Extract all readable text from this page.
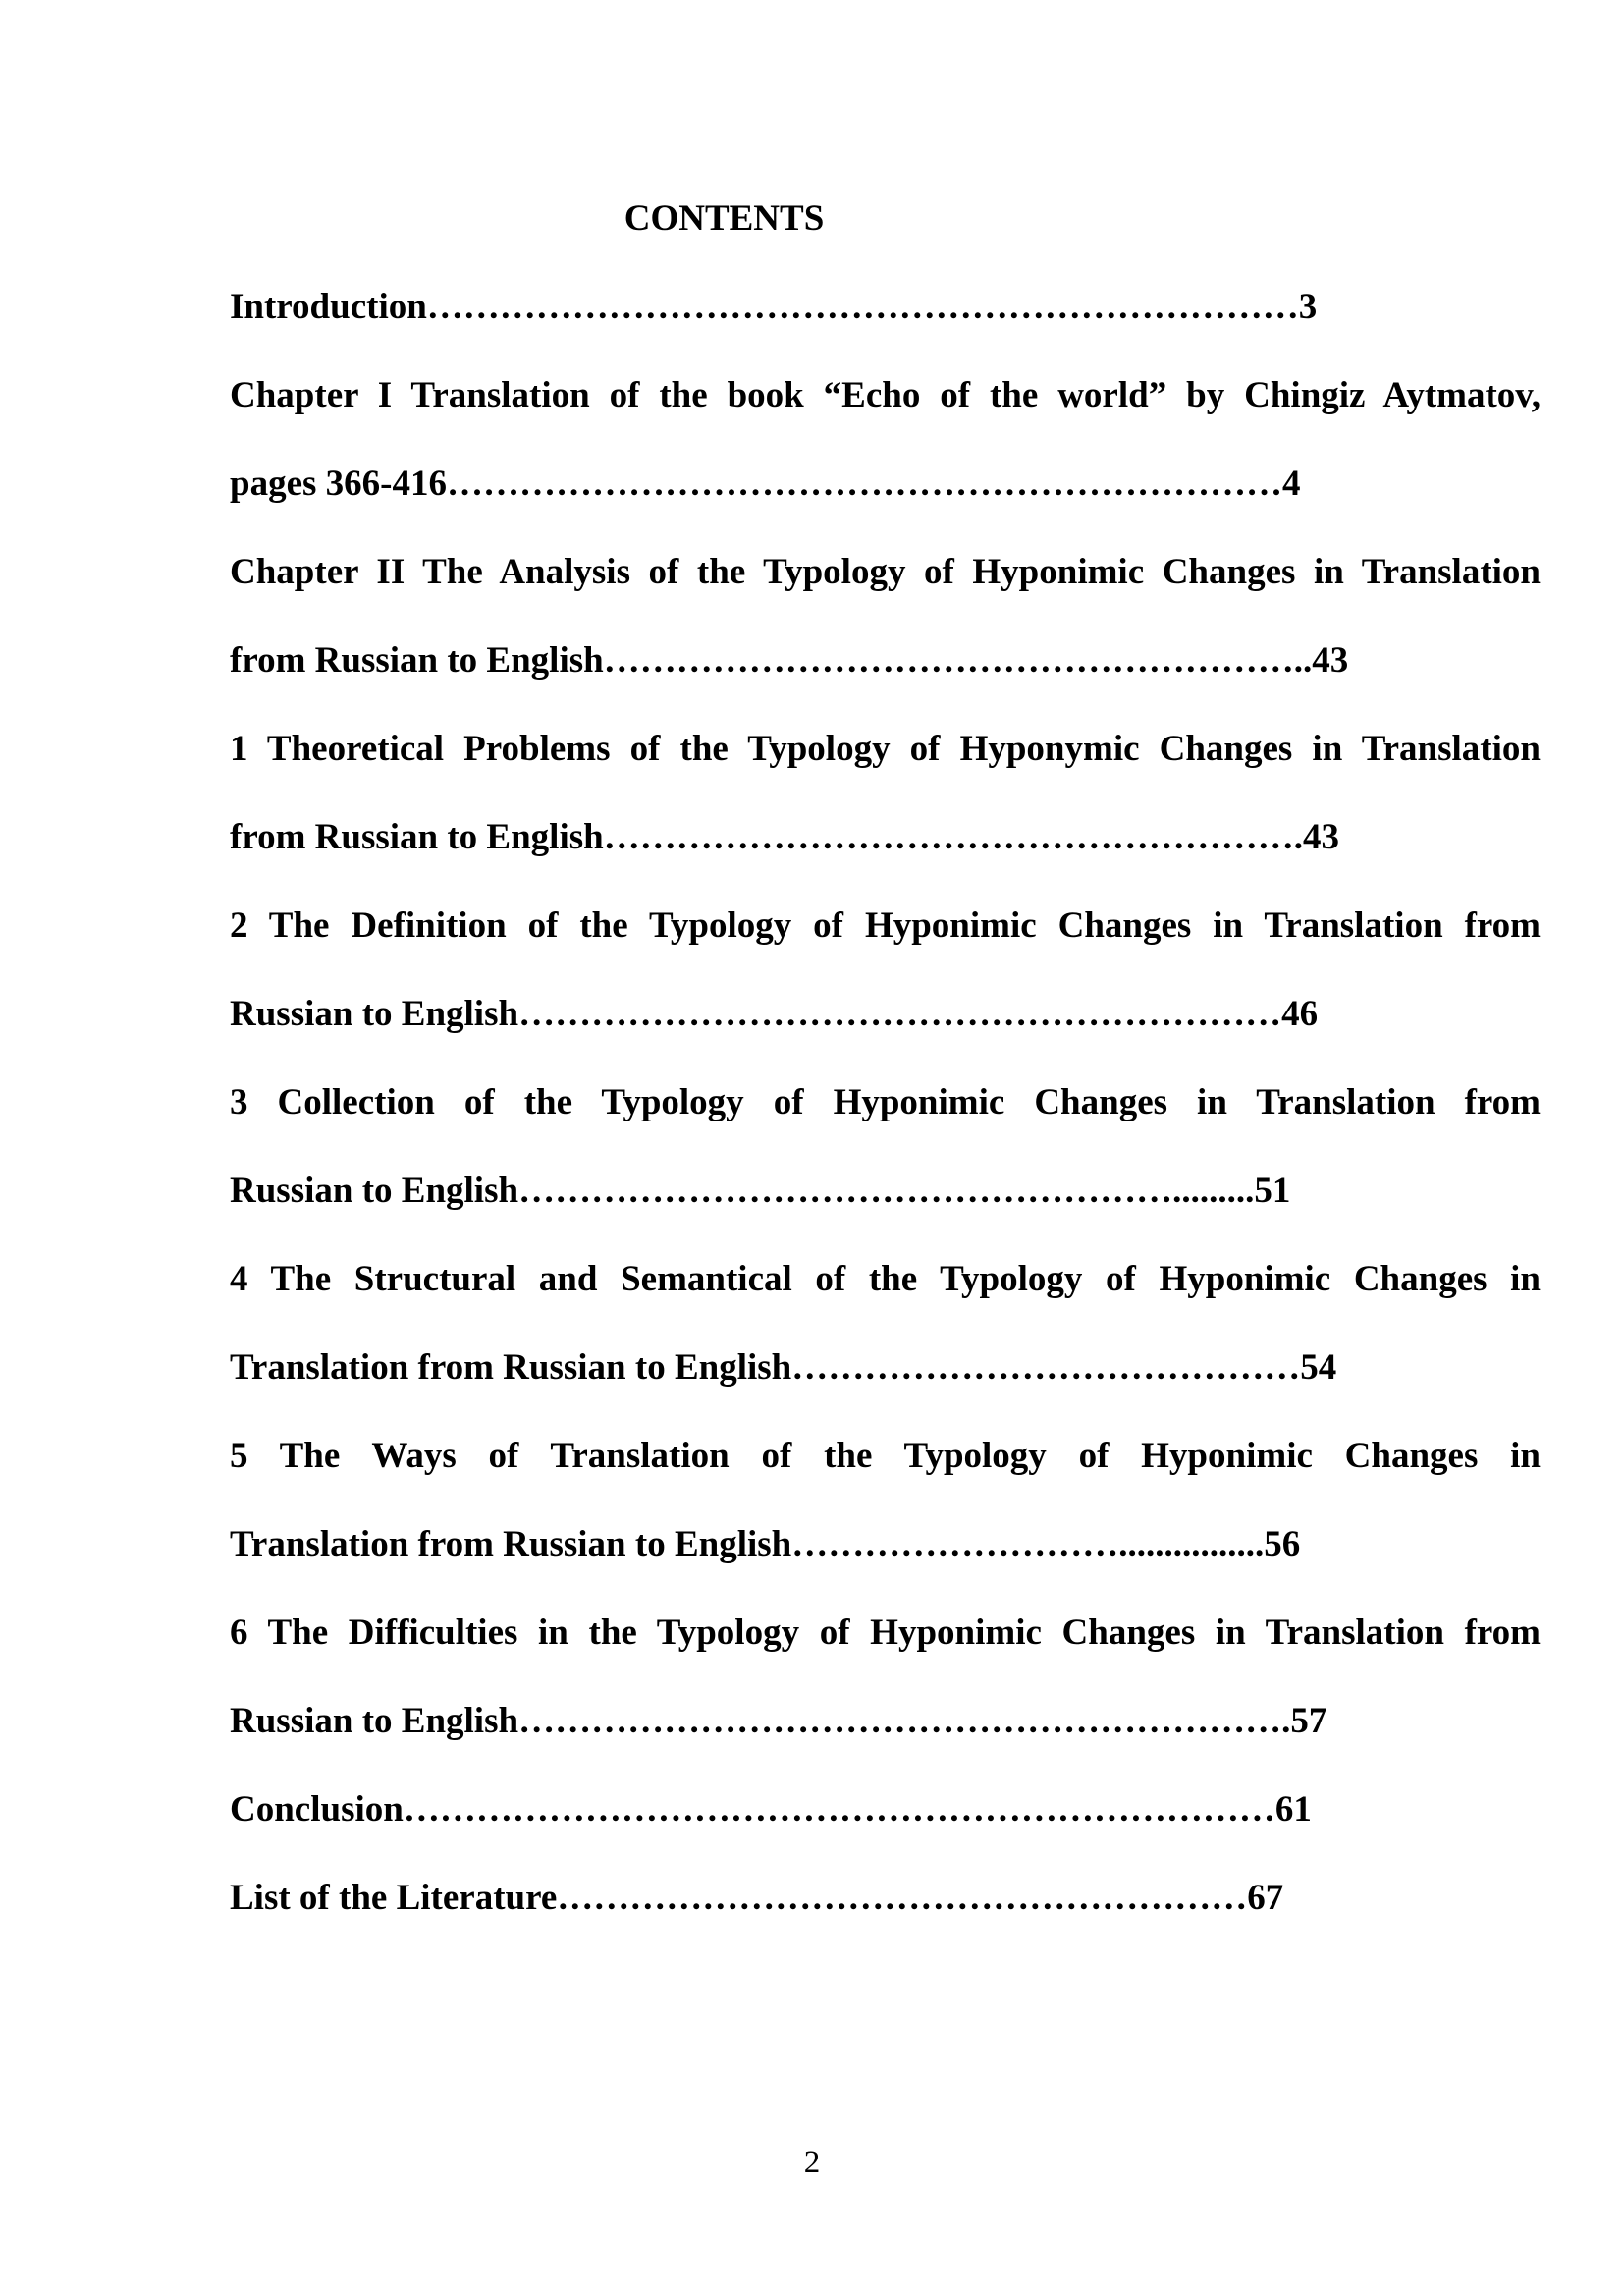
CONTENTS
Introduction………………………………………………………………3
Chapter I Translation of the book “Echo of the world” by Chingiz Aytmatov,
pages 366-416……………………………………………………………4
Chapter II The Analysis of the Typology of Hyponimic Changes in Translation
from Russian to English…………………………………………………..43
1 Theoretical Problems of the Typology of Hyponymic Changes in Translation
from Russian to English………………………………………………….43
2 The Definition of the Typology of Hyponimic Changes in Translation from
Russian to English………………………………………………………46
3 Collection of the Typology of Hyponimic Changes in Translation from
Russian to English……………………………………………….........51
4 The Structural and Semantical of the Typology of Hyponimic Changes in
Translation from Russian to English……………………………………54
5 The Ways of Translation of the Typology of Hyponimic Changes in
Translation from Russian to English………………………................56
6 The Difficulties in the Typology of Hyponimic Changes in Translation from
Russian to English……………………………………………………….57
Conclusion………………………………………………………………61
List of the Literature…………………………………………………67
2
